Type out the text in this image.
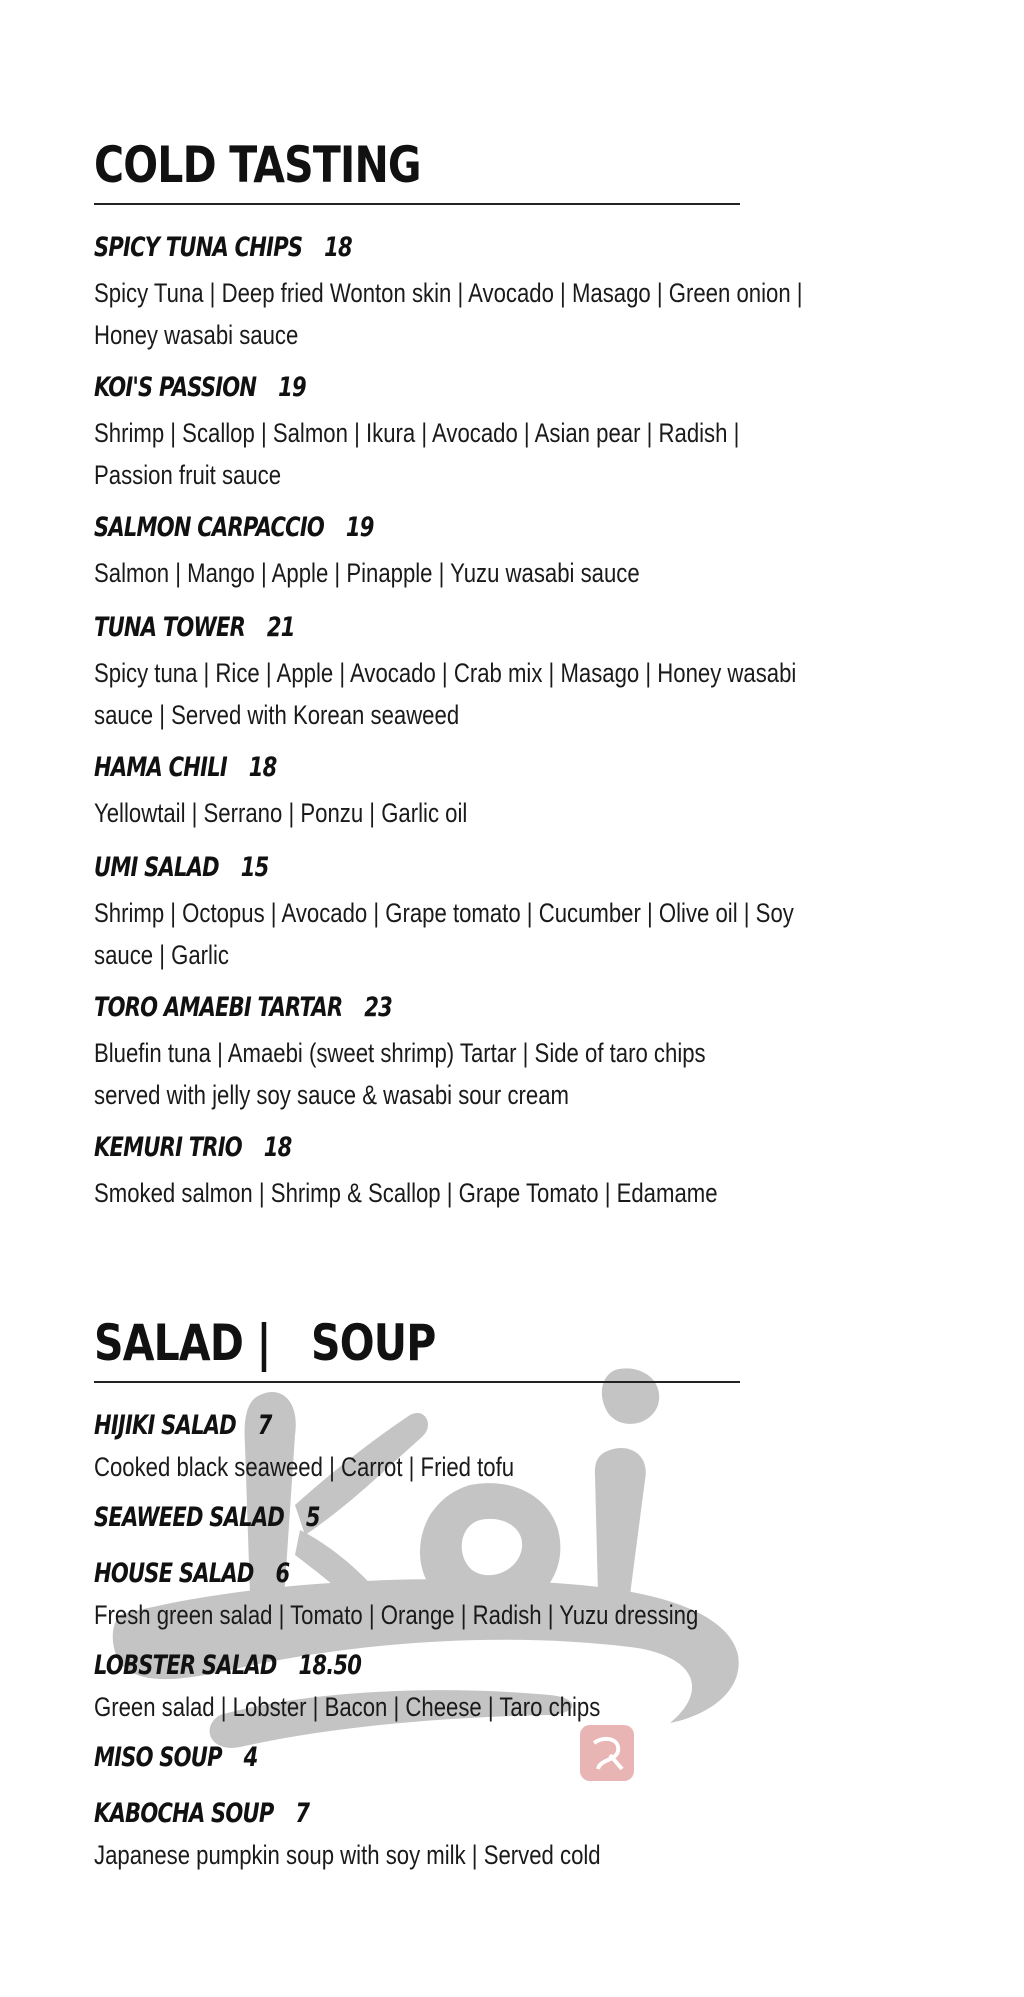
COLD TASTING
SPICY TUNA CHIPS 18
Spicy Tuna | Deep fried Wonton skin | Avocado | Masago | Green onion |
Honey wasabi sauce
KOI'S PASSION 19
Shrimp | Scallop | Salmon | Ikura | Avocado | Asian pear | Radish |
Passion fruit sauce
SALMON CARPACCIO 19
Salmon | Mango | Apple | Pinapple | Yuzu wasabi sauce
TUNA TOWER 21
Spicy tuna | Rice | Apple | Avocado | Crab mix | Masago | Honey wasabi
sauce | Served with Korean seaweed
HAMA CHILI 18
Yellowtail | Serrano | Ponzu | Garlic oil
UMI SALAD 15
Shrimp | Octopus | Avocado | Grape tomato | Cucumber | Olive oil | Soy
sauce | Garlic
TORO AMAEBI TARTAR 23
Bluefin tuna | Amaebi (sweet shrimp) Tartar | Side of taro chips
served with jelly soy sauce & wasabi sour cream
KEMURI TRIO 18
Smoked salmon | Shrimp & Scallop | Grape Tomato | Edamame
SALAD |   SOUP
HIJIKI SALAD 7
Cooked black seaweed | Carrot | Fried tofu
SEAWEED SALAD 5
HOUSE SALAD 6
Fresh green salad | Tomato | Orange | Radish | Yuzu dressing
LOBSTER SALAD 18.50
Green salad | Lobster | Bacon | Cheese | Taro chips
MISO SOUP 4
KABOCHA SOUP 7
Japanese pumpkin soup with soy milk | Served cold
